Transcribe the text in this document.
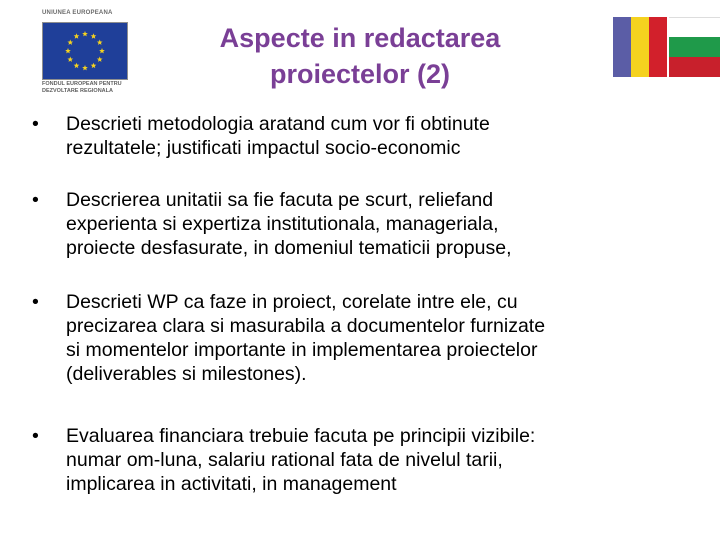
UNIUNEA EUROPEANA
FONDUL EUROPEAN PENTRU
DEZVOLTARE REGIONALA
Aspecte in redactarea
proiectelor (2)
•	Descrieti metodologia aratand cum vor fi obtinute
rezultatele; justificati impactul socio-economic
•	Descrierea unitatii sa fie facuta pe scurt, reliefand
experienta si expertiza institutionala, manageriala,
proiecte desfasurate, in domeniul tematicii propuse,
•	Descrieti WP ca faze in proiect, corelate intre ele, cu
precizarea clara si masurabila a documentelor furnizate
si momentelor importante in implementarea proiectelor
(deliverables si milestones).
•	Evaluarea financiara trebuie facuta pe principii vizibile:
numar om-luna, salariu rational fata de nivelul tarii,
implicarea in activitati, in management
